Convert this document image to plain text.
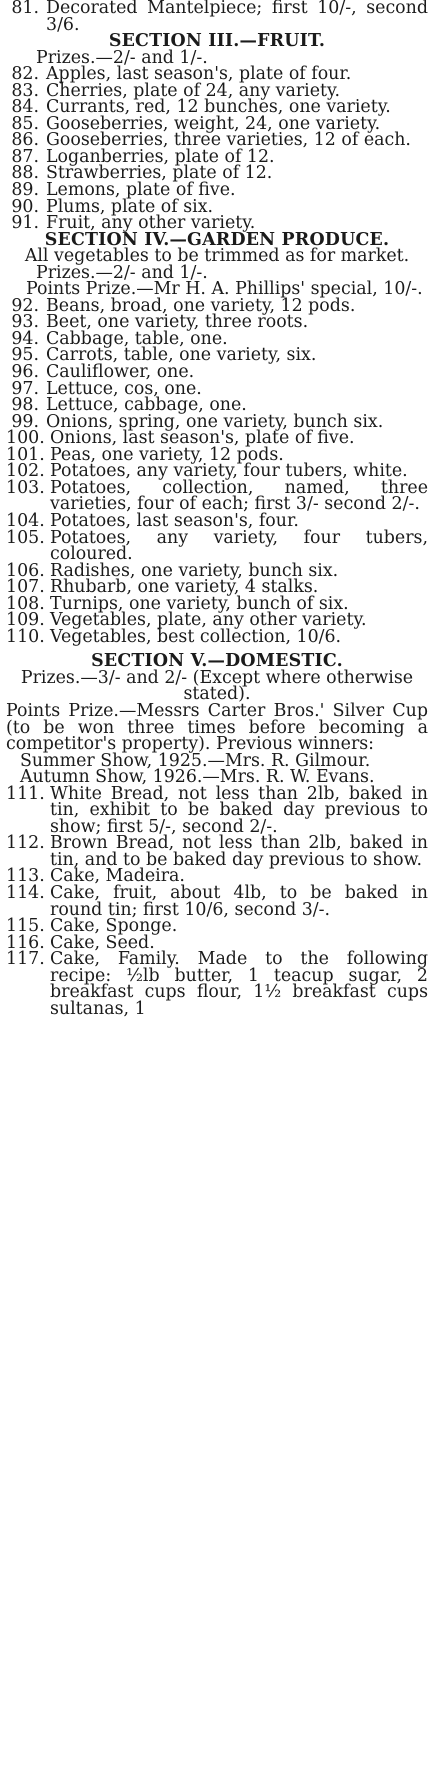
81. Decorated Mantelpiece; first 10/-, second 3/6.
SECTION III.—FRUIT.
Prizes.—2/- and 1/-.
82. Apples, last season's, plate of four.
83. Cherries, plate of 24, any variety.
84. Currants, red, 12 bunches, one variety.
85. Gooseberries, weight, 24, one variety.
86. Gooseberries, three varieties, 12 of each.
87. Loganberries, plate of 12.
88. Strawberries, plate of 12.
89. Lemons, plate of five.
90. Plums, plate of six.
91. Fruit, any other variety.
SECTION IV.—GARDEN PRODUCE.
All vegetables to be trimmed as for market.
Prizes.—2/- and 1/-.
Points Prize.—Mr H. A. Phillips' special, 10/-.
92. Beans, broad, one variety, 12 pods.
93. Beet, one variety, three roots.
94. Cabbage, table, one.
95. Carrots, table, one variety, six.
96. Cauliflower, one.
97. Lettuce, cos, one.
98. Lettuce, cabbage, one.
99. Onions, spring, one variety, bunch six.
100. Onions, last season's, plate of five.
101. Peas, one variety, 12 pods.
102. Potatoes, any variety, four tubers, white.
103. Potatoes, collection, named, three varieties, four of each; first 3/- second 2/-.
104. Potatoes, last season's, four.
105. Potatoes, any variety, four tubers, coloured.
106. Radishes, one variety, bunch six.
107. Rhubarb, one variety, 4 stalks.
108. Turnips, one variety, bunch of six.
109. Vegetables, plate, any other variety.
110. Vegetables, best collection, 10/6.
SECTION V.—DOMESTIC.
Prizes.—3/- and 2/- (Except where otherwise stated).
Points Prize.—Messrs Carter Bros.' Silver Cup (to be won three times before becoming a competitor's property). Previous winners:
Summer Show, 1925.—Mrs. R. Gilmour.
Autumn Show, 1926.—Mrs. R. W. Evans.
111. White Bread, not less than 2lb, baked in tin, exhibit to be baked day previous to show; first 5/-, second 2/-.
112. Brown Bread, not less than 2lb, baked in tin, and to be baked day previous to show.
113. Cake, Madeira.
114. Cake, fruit, about 4lb, to be baked in round tin; first 10/6, second 3/-.
115. Cake, Sponge.
116. Cake, Seed.
117. Cake, Family. Made to the following recipe: ½lb butter, 1 teacup sugar, 2 breakfast cups flour, 1½ breakfast cups sultanas, 1
